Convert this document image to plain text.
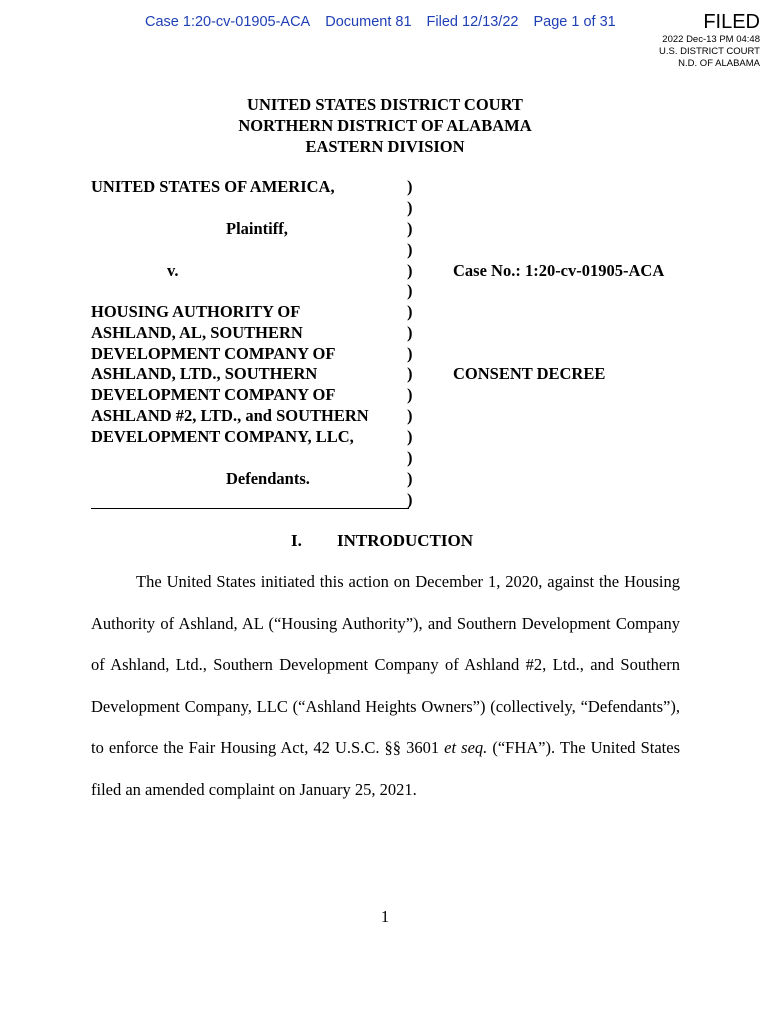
Case 1:20-cv-01905-ACA Document 81 Filed 12/13/22 Page 1 of 31	FILED
2022 Dec-13 PM 04:48
U.S. DISTRICT COURT
N.D. OF ALABAMA
UNITED STATES DISTRICT COURT
NORTHERN DISTRICT OF ALABAMA
EASTERN DIVISION
UNITED STATES OF AMERICA,
Plaintiff,
v.
HOUSING AUTHORITY OF
ASHLAND, AL, SOUTHERN
DEVELOPMENT COMPANY OF
ASHLAND, LTD., SOUTHERN
DEVELOPMENT COMPANY OF
ASHLAND #2, LTD., and SOUTHERN
DEVELOPMENT COMPANY, LLC,
Defendants.
)
)
)
)
)
)
)
)
)
)
)
)
)
)
)
)
Case No.: 1:20-cv-01905-ACA
CONSENT DECREE
I. INTRODUCTION

The United States initiated this action on December 1, 2020, against the Housing Authority of Ashland, AL (“Housing Authority”), and Southern Development Company of Ashland, Ltd., Southern Development Company of Ashland #2, Ltd., and Southern Development Company, LLC (“Ashland Heights Owners”) (collectively, “Defendants”), to enforce the Fair Housing Act, 42 U.S.C. §§ 3601 et seq. (“FHA”). The United States filed an amended complaint on January 25, 2021.

1
